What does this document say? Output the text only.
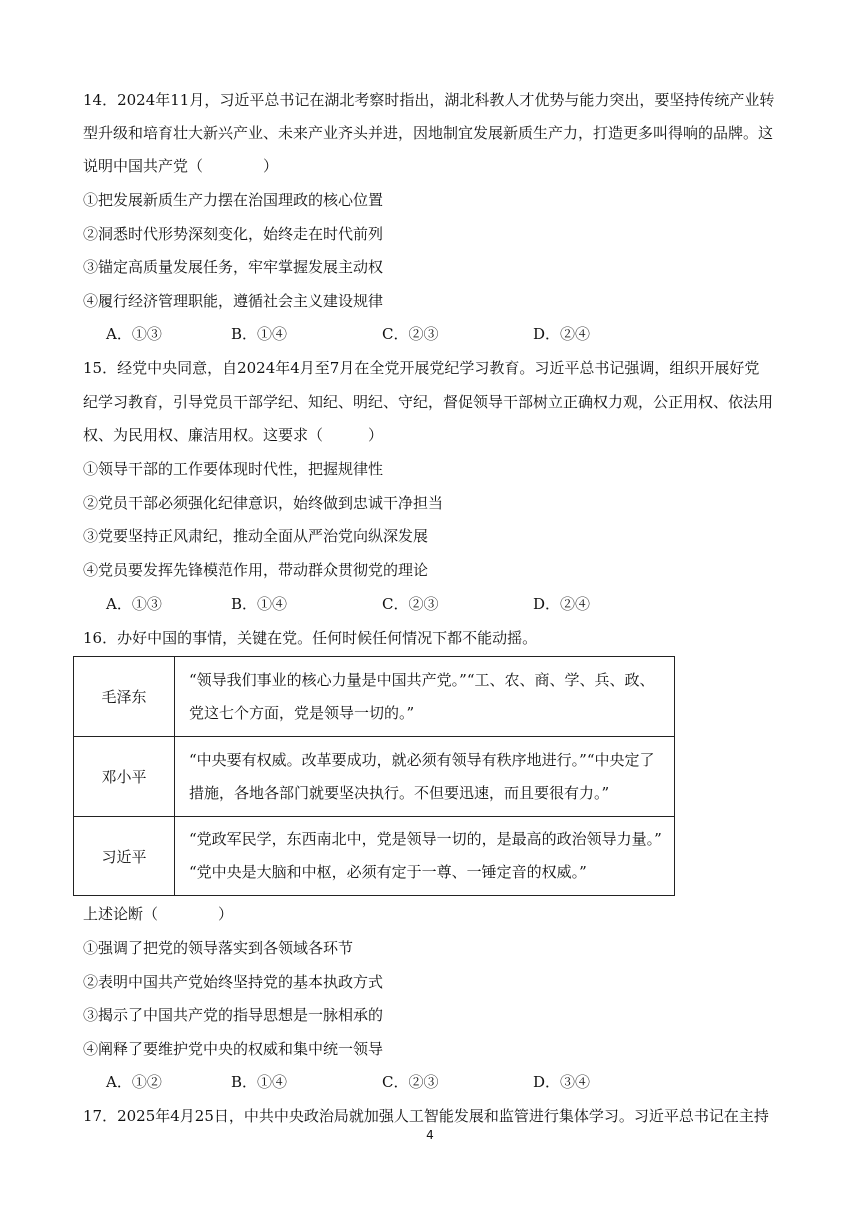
14．2024年11月，习近平总书记在湖北考察时指出，湖北科教人才优势与能力突出，要坚持传统产业转
型升级和培育壮大新兴产业、未来产业齐头并进，因地制宜发展新质生产力，打造更多叫得响的品牌。这
说明中国共产党（　　　　）
①把发展新质生产力摆在治国理政的核心位置
②洞悉时代形势深刻变化，始终走在时代前列
③锚定高质量发展任务，牢牢掌握发展主动权
④履行经济管理职能，遵循社会主义建设规律
A．①③	B．①④	C．②③	D．②④
15．经党中央同意，自2024年4月至7月在全党开展党纪学习教育。习近平总书记强调，组织开展好党
纪学习教育，引导党员干部学纪、知纪、明纪、守纪，督促领导干部树立正确权力观，公正用权、依法用
权、为民用权、廉洁用权。这要求（　　　）
①领导干部的工作要体现时代性，把握规律性
②党员干部必须强化纪律意识，始终做到忠诚干净担当
③党要坚持正风肃纪，推动全面从严治党向纵深发展
④党员要发挥先锋模范作用，带动群众贯彻党的理论
A．①③	B．①④	C．②③	D．②④
16．办好中国的事情，关键在党。任何时候任何情况下都不能动摇。
毛泽东	“领导我们事业的核心力量是中国共产党。”“工、农、商、学、兵、政、
党这七个方面，党是领导一切的。”

邓小平	“中央要有权威。改革要成功，就必须有领导有秩序地进行。”“中央定了
措施，各地各部门就要坚决执行。不但要迅速，而且要很有力。”

习近平	“党政军民学，东西南北中，党是领导一切的，是最高的政治领导力量。”
“党中央是大脑和中枢，必须有定于一尊、一锤定音的权威。”
上述论断（　　　　）
①强调了把党的领导落实到各领域各环节
②表明中国共产党始终坚持党的基本执政方式
③揭示了中国共产党的指导思想是一脉相承的
④阐释了要维护党中央的权威和集中统一领导
A．①②	B．①④	C．②③	D．③④
17．2025年4月25日，中共中央政治局就加强人工智能发展和监管进行集体学习。习近平总书记在主持
4
